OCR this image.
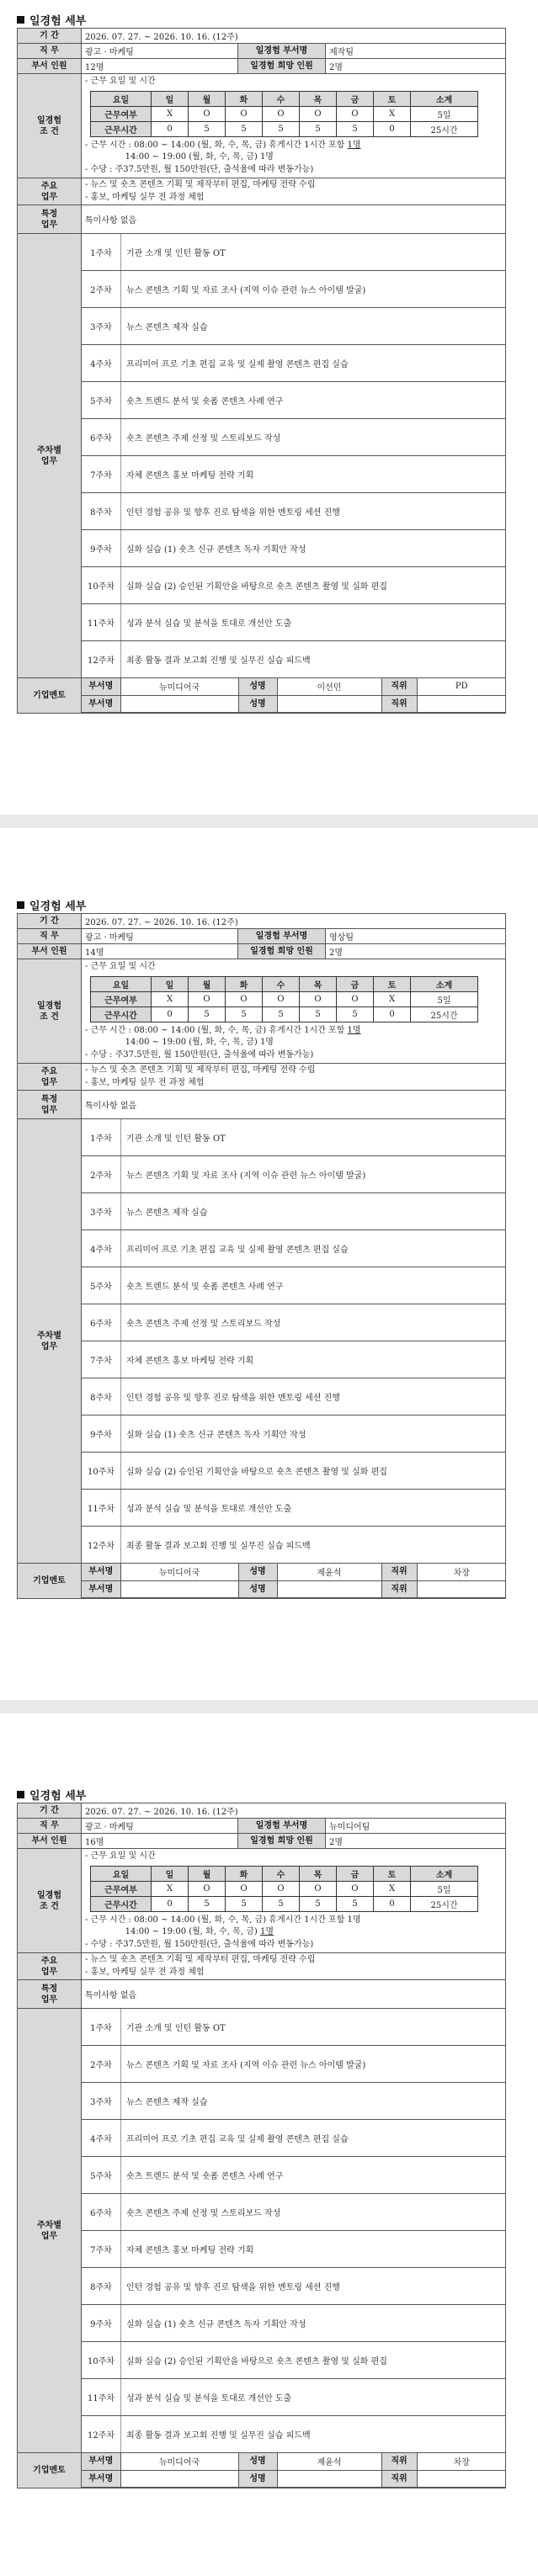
일경험 세부
기 간	2026. 07. 27. ~ 2026. 10. 16. (12주)
직 무	광고 · 마케팅	일경험 부서명	제작팀
부서 인원	12명	일경험 희망 인원	2명
일경험
조 건	
- 근무 요일 및 시간
요일	일	월	화	수	목	금	토	소계
근무여부	X	O	O	O	O	O	X	5일
근무시간	0	5	5	5	5	5	0	25시간
- 근무 시간 : 08:00 ~ 14:00 (월, 화, 수, 목, 금) 휴게시간 1시간 포함 1명
14:00 ~ 19:00 (월, 화, 수, 목, 금) 1명
- 수당 : 주37.5만원, 월 150만원(단, 출석율에 따라 변동가능)

주요
업무	
- 뉴스 및 숏츠 콘텐츠 기획 및 제작부터 편집, 마케팅 전략 수립
- 홍보, 마케팅 실무 전 과정 체험

특정
업무	특이사항 없음
주차별
업무	
1주차	기관 소개 및 인턴 활동 OT

2주차	뉴스 콘텐츠 기획 및 자료 조사 (지역 이슈 관련 뉴스 아이템 발굴)

3주차	뉴스 콘텐츠 제작 실습

4주차	프리미어 프로 기초 편집 교육 및 실제 촬영 콘텐츠 편집 실습

5주차	숏츠 트렌드 분석 및 숏폼 콘텐츠 사례 연구

6주차	숏츠 콘텐츠 주제 선정 및 스토리보드 작성

7주차	자체 콘텐츠 홍보 마케팅 전략 기획

8주차	인턴 경험 공유 및 향후 진로 탐색을 위한 멘토링 세션 진행

9주차	실화 실습 (1) 숏츠 신규 콘텐츠 독자 기획안 작성

10주차	실화 실습 (2) 승인된 기획안을 바탕으로 숏츠 콘텐츠 촬영 및 실화 편집

11주차	성과 분석 실습 및 분석을 토대로 개선안 도출

12주차	최종 활동 결과 보고회 진행 및 실무진 실습 피드백

기업멘토	
부서명	뉴미디어국	성명	이선민	직위	PD
부서명		성명		직위	

일경험 세부
기 간	2026. 07. 27. ~ 2026. 10. 16. (12주)
직 무	광고 · 마케팅	일경험 부서명	영상팀
부서 인원	14명	일경험 희망 인원	2명
일경험
조 건	
- 근무 요일 및 시간
요일	일	월	화	수	목	금	토	소계
근무여부	X	O	O	O	O	O	X	5일
근무시간	0	5	5	5	5	5	0	25시간
- 근무 시간 : 08:00 ~ 14:00 (월, 화, 수, 목, 금) 휴게시간 1시간 포함 1명
14:00 ~ 19:00 (월, 화, 수, 목, 금) 1명
- 수당 : 주37.5만원, 월 150만원(단, 출석율에 따라 변동가능)

주요
업무	
- 뉴스 및 숏츠 콘텐츠 기획 및 제작부터 편집, 마케팅 전략 수립
- 홍보, 마케팅 실무 전 과정 체험

특정
업무	특이사항 없음
주차별
업무	
1주차	기관 소개 및 인턴 활동 OT

2주차	뉴스 콘텐츠 기획 및 자료 조사 (지역 이슈 관련 뉴스 아이템 발굴)

3주차	뉴스 콘텐츠 제작 실습

4주차	프리미어 프로 기초 편집 교육 및 실제 촬영 콘텐츠 편집 실습

5주차	숏츠 트렌드 분석 및 숏폼 콘텐츠 사례 연구

6주차	숏츠 콘텐츠 주제 선정 및 스토리보드 작성

7주차	자체 콘텐츠 홍보 마케팅 전략 기획

8주차	인턴 경험 공유 및 향후 진로 탐색을 위한 멘토링 세션 진행

9주차	실화 실습 (1) 숏츠 신규 콘텐츠 독자 기획안 작성

10주차	실화 실습 (2) 승인된 기획안을 바탕으로 숏츠 콘텐츠 촬영 및 실화 편집

11주차	성과 분석 실습 및 분석을 토대로 개선안 도출

12주차	최종 활동 결과 보고회 진행 및 실무진 실습 피드백

기업멘토	
부서명	뉴미디어국	성명	제윤석	직위	차장
부서명		성명		직위	

일경험 세부
기 간	2026. 07. 27. ~ 2026. 10. 16. (12주)
직 무	광고 · 마케팅	일경험 부서명	뉴미디어팀
부서 인원	16명	일경험 희망 인원	2명
일경험
조 건	
- 근무 요일 및 시간
요일	일	월	화	수	목	금	토	소계
근무여부	X	O	O	O	O	O	X	5일
근무시간	0	5	5	5	5	5	0	25시간
- 근무 시간 : 08:00 ~ 14:00 (월, 화, 수, 목, 금) 휴게시간 1시간 포함 1명
14:00 ~ 19:00 (월, 화, 수, 목, 금) 1명
- 수당 : 주37.5만원, 월 150만원(단, 출석율에 따라 변동가능)

주요
업무	
- 뉴스 및 숏츠 콘텐츠 기획 및 제작부터 편집, 마케팅 전략 수립
- 홍보, 마케팅 실무 전 과정 체험

특정
업무	특이사항 없음
주차별
업무	
1주차	기관 소개 및 인턴 활동 OT

2주차	뉴스 콘텐츠 기획 및 자료 조사 (지역 이슈 관련 뉴스 아이템 발굴)

3주차	뉴스 콘텐츠 제작 실습

4주차	프리미어 프로 기초 편집 교육 및 실제 촬영 콘텐츠 편집 실습

5주차	숏츠 트렌드 분석 및 숏폼 콘텐츠 사례 연구

6주차	숏츠 콘텐츠 주제 선정 및 스토리보드 작성

7주차	자체 콘텐츠 홍보 마케팅 전략 기획

8주차	인턴 경험 공유 및 향후 진로 탐색을 위한 멘토링 세션 진행

9주차	실화 실습 (1) 숏츠 신규 콘텐츠 독자 기획안 작성

10주차	실화 실습 (2) 승인된 기획안을 바탕으로 숏츠 콘텐츠 촬영 및 실화 편집

11주차	성과 분석 실습 및 분석을 토대로 개선안 도출

12주차	최종 활동 결과 보고회 진행 및 실무진 실습 피드백

기업멘토	
부서명	뉴미디어국	성명	제윤석	직위	차장
부서명		성명		직위	
